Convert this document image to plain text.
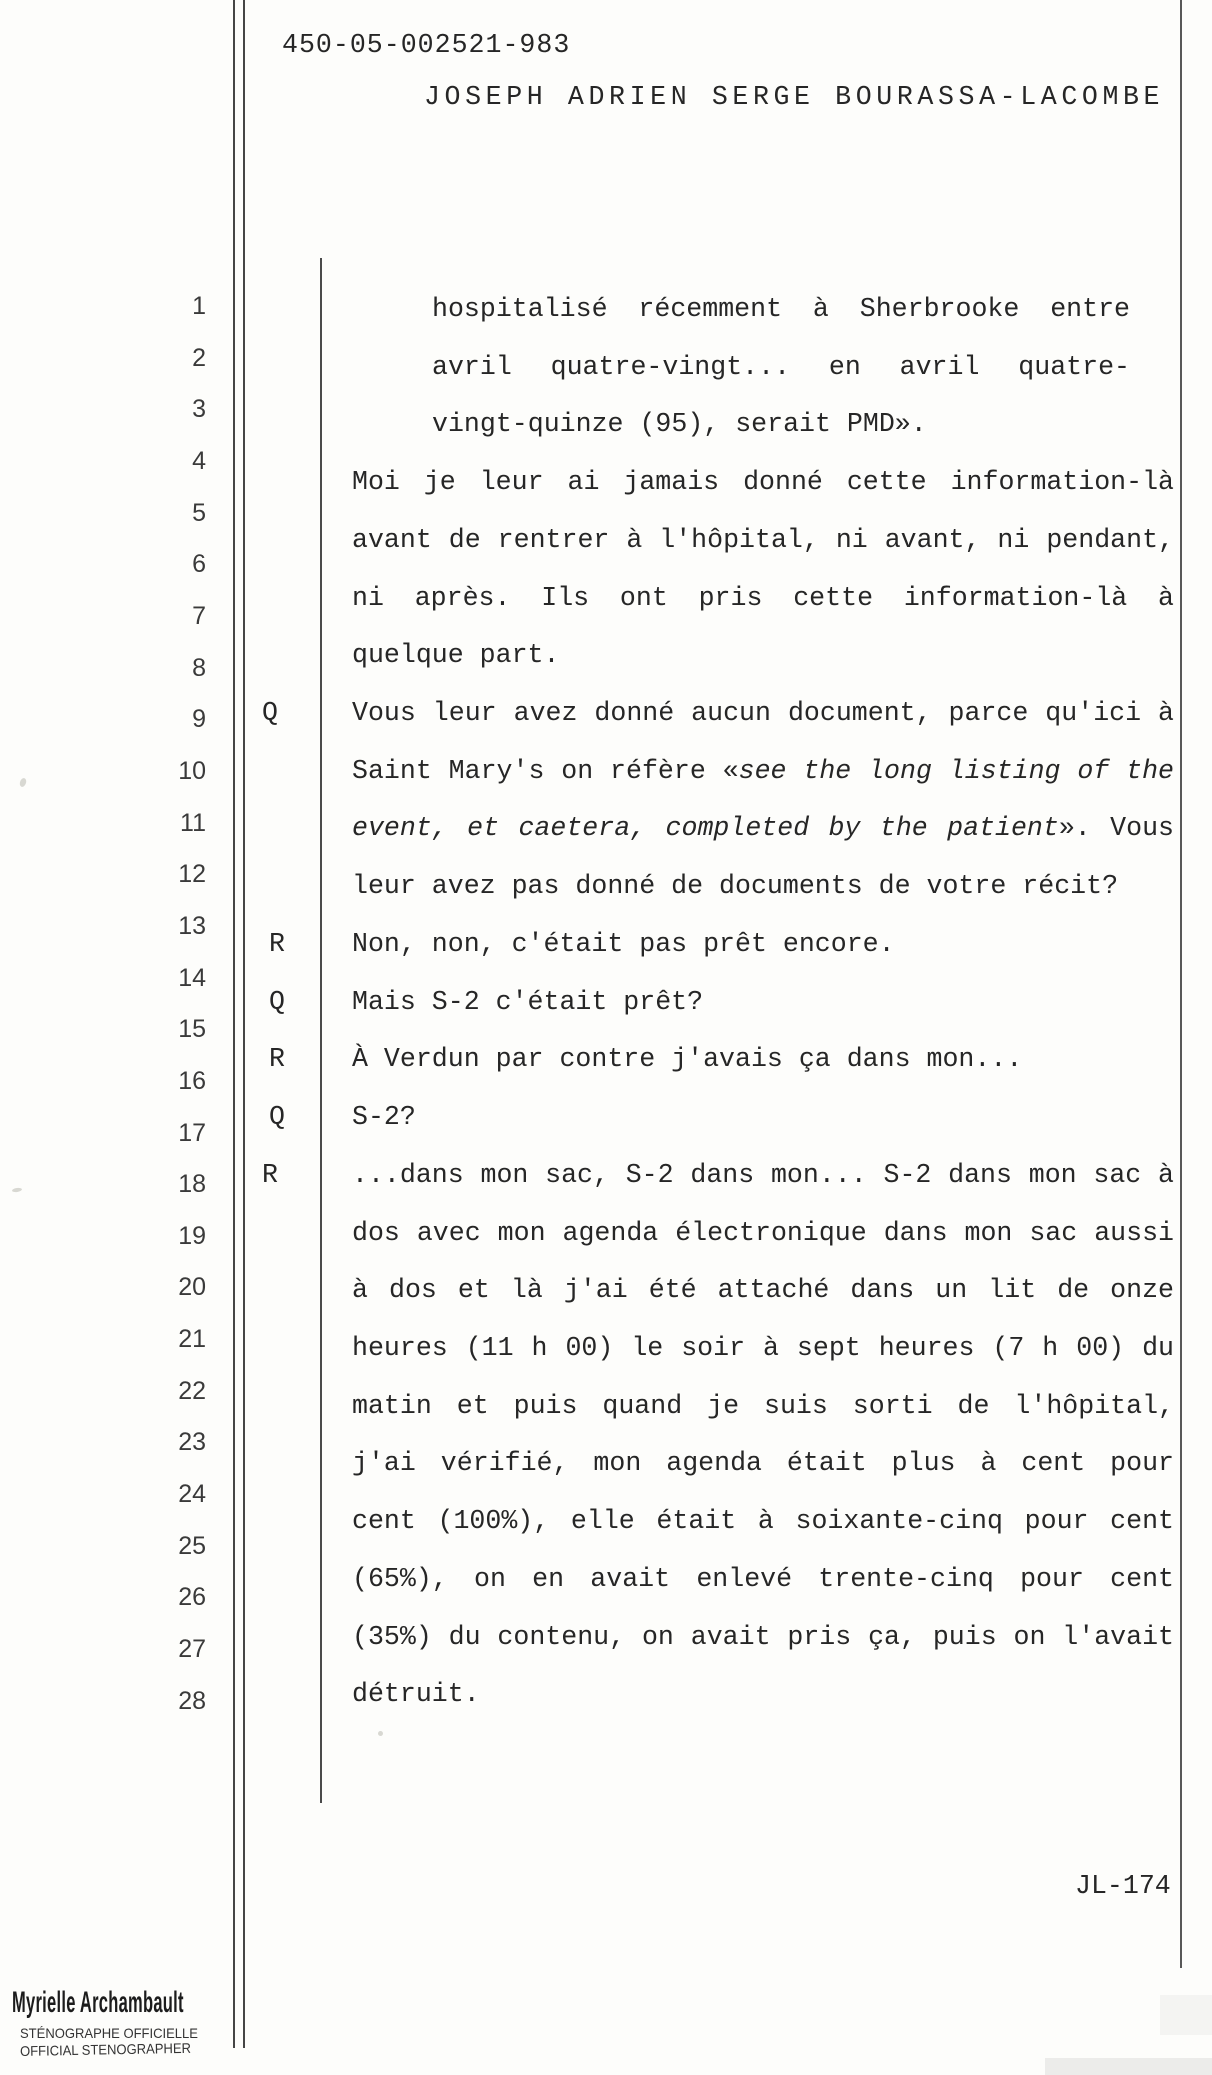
450-05-002521-983
JOSEPH ADRIEN SERGE BOURASSA-LACOMBE
1
2
3
4
5
6
7
8
9
10
11
12
13
14
15
16
17
18
19
20
21
22
23
24
25
26
27
28
hospitalisé récemment à Sherbrooke entre
avril quatre-vingt... en avril quatre-
vingt-quinze (95), serait PMD».
Moi je leur ai jamais donné cette information-là
avant de rentrer à l'hôpital, ni avant, ni pendant,
ni après. Ils ont pris cette information-là à
quelque part.
Q	Vous leur avez donné aucun document, parce qu'ici à
Saint Mary's on réfère «see the long listing of the
event, et caetera, completed by the patient». Vous
leur avez pas donné de documents de votre récit?
R	Non, non, c'était pas prêt encore.
Q	Mais S-2 c'était prêt?
R	À Verdun par contre j'avais ça dans mon...
Q	S-2?
R	...dans mon sac, S-2 dans mon... S-2 dans mon sac à
dos avec mon agenda électronique dans mon sac aussi
à dos et là j'ai été attaché dans un lit de onze
heures (11 h 00) le soir à sept heures (7 h 00) du
matin et puis quand je suis sorti de l'hôpital,
j'ai vérifié, mon agenda était plus à cent pour
cent (100%), elle était à soixante-cinq pour cent
(65%), on en avait enlevé trente-cinq pour cent
(35%) du contenu, on avait pris ça, puis on l'avait
détruit.
JL-174
Myrielle Archambault
STÉNOGRAPHE OFFICIELLE
OFFICIAL STENOGRAPHER
